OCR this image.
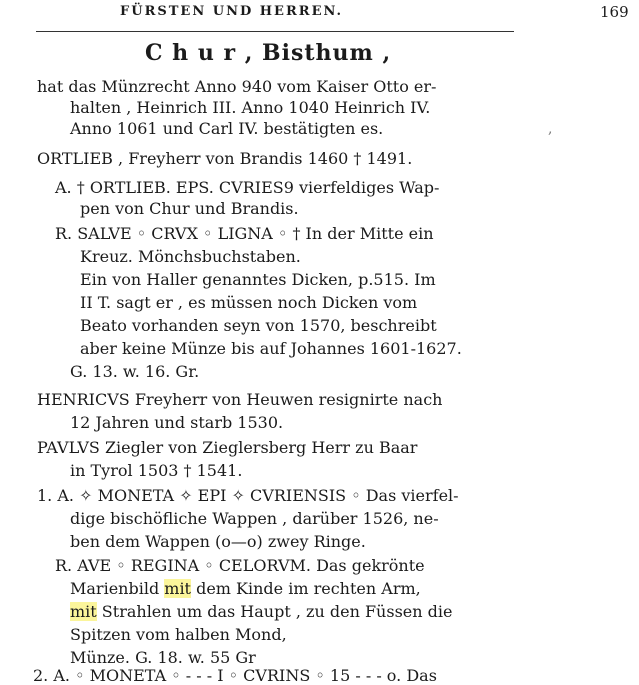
FÜRSTEN UND HERREN.	169
C h u r , Bisthum ,
hat das Münzrecht Anno 940 vom Kaiser Otto er-
halten , Heinrich III. Anno 1040 Heinrich IV.
Anno 1061 und Carl IV. bestätigten es.	,
ORTLIEB , Freyherr von Brandis 1460 † 1491.
A. † ORTLIEB. EPS. CVRIES9 vierfeldiges Wap-
pen von Chur und Brandis.
R. SALVE ◦ CRVX ◦ LIGNA ◦ † In der Mitte ein
Kreuz. Mönchsbuchstaben.
Ein von Haller genanntes Dicken, p.515. Im
II T. sagt er , es müssen noch Dicken vom
Beato vorhanden seyn von 1570, beschreibt
aber keine Münze bis auf Johannes 1601-1627.
G. 13. w. 16. Gr.
HENRICVS Freyherr von Heuwen resignirte nach
12 Jahren und starb 1530.
PAVLVS Ziegler von Zieglersberg Herr zu Baar
in Tyrol 1503 † 1541.
1. A. ✧ MONETA ✧ EPI ✧ CVRIENSIS ◦ Das vierfel-
dige bischöfliche Wappen , darüber 1526, ne-
ben dem Wappen (o—o) zwey Ringe.
R. AVE ◦ REGINA ◦ CELORVM. Das gekrönte
Marienbild mit dem Kinde im rechten Arm,
mit Strahlen um das Haupt , zu den Füssen die
Spitzen vom halben Mond,
Münze. G. 18. w. 55 Gr
2. A. ◦ MONETA ◦ - - - I ◦ CVRINS ◦ 15 - - - o. Das
